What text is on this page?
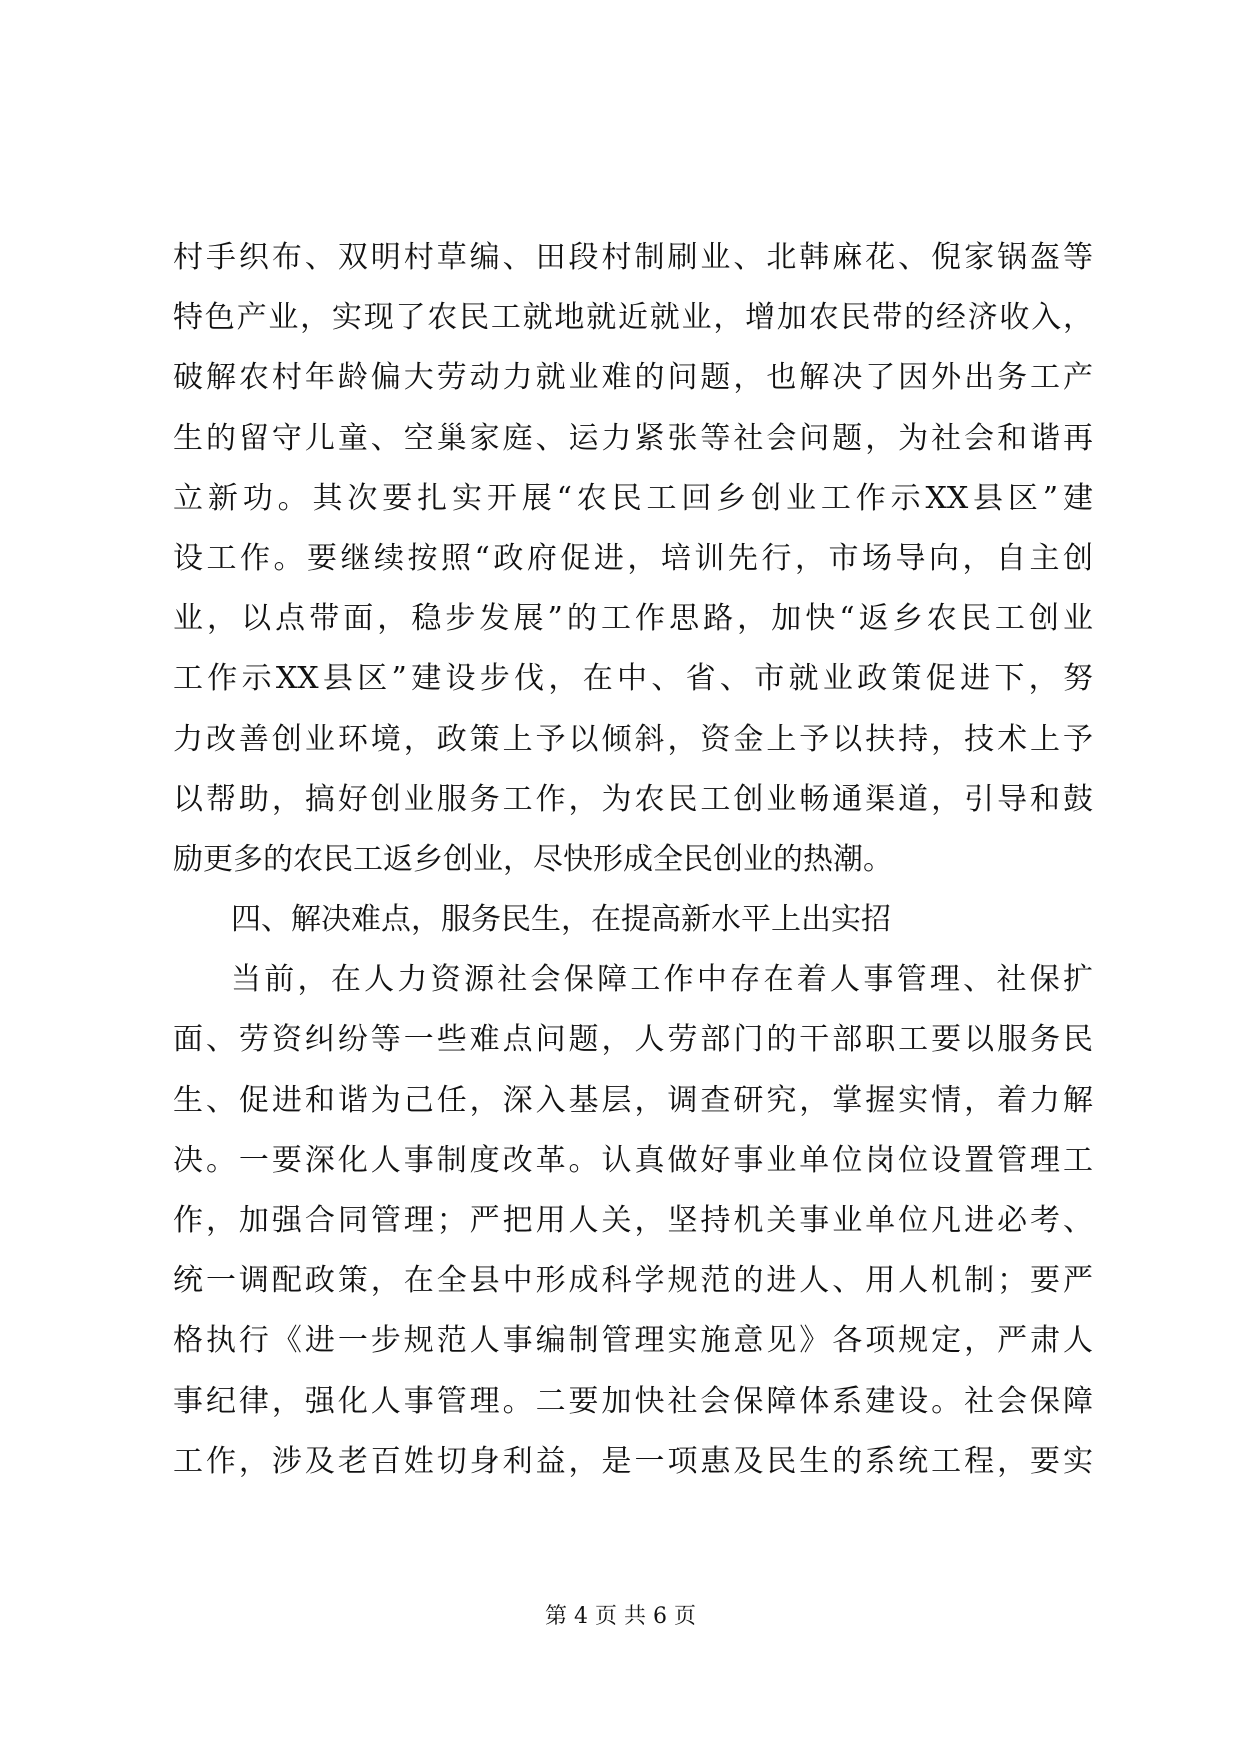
村手织布、双明村草编、田段村制刷业、北韩麻花、倪家锅盔等
特色产业，实现了农民工就地就近就业，增加农民带的经济收入，
破解农村年龄偏大劳动力就业难的问题，也解决了因外出务工产
生的留守儿童、空巢家庭、运力紧张等社会问题，为社会和谐再
立新功。其次要扎实开展“农民工回乡创业工作示XX县区”建
设工作。要继续按照“政府促进，培训先行，市场导向，自主创
业，以点带面，稳步发展”的工作思路，加快“返乡农民工创业
工作示XX县区”建设步伐，在中、省、市就业政策促进下，努
力改善创业环境，政策上予以倾斜，资金上予以扶持，技术上予
以帮助，搞好创业服务工作，为农民工创业畅通渠道，引导和鼓
励更多的农民工返乡创业，尽快形成全民创业的热潮。
四、解决难点，服务民生，在提高新水平上出实招
当前，在人力资源社会保障工作中存在着人事管理、社保扩
面、劳资纠纷等一些难点问题，人劳部门的干部职工要以服务民
生、促进和谐为己任，深入基层，调查研究，掌握实情，着力解
决。一要深化人事制度改革。认真做好事业单位岗位设置管理工
作，加强合同管理；严把用人关，坚持机关事业单位凡进必考、
统一调配政策，在全县中形成科学规范的进人、用人机制；要严
格执行《进一步规范人事编制管理实施意见》各项规定，严肃人
事纪律，强化人事管理。二要加快社会保障体系建设。社会保障
工作，涉及老百姓切身利益，是一项惠及民生的系统工程，要实
第 4 页 共 6 页
